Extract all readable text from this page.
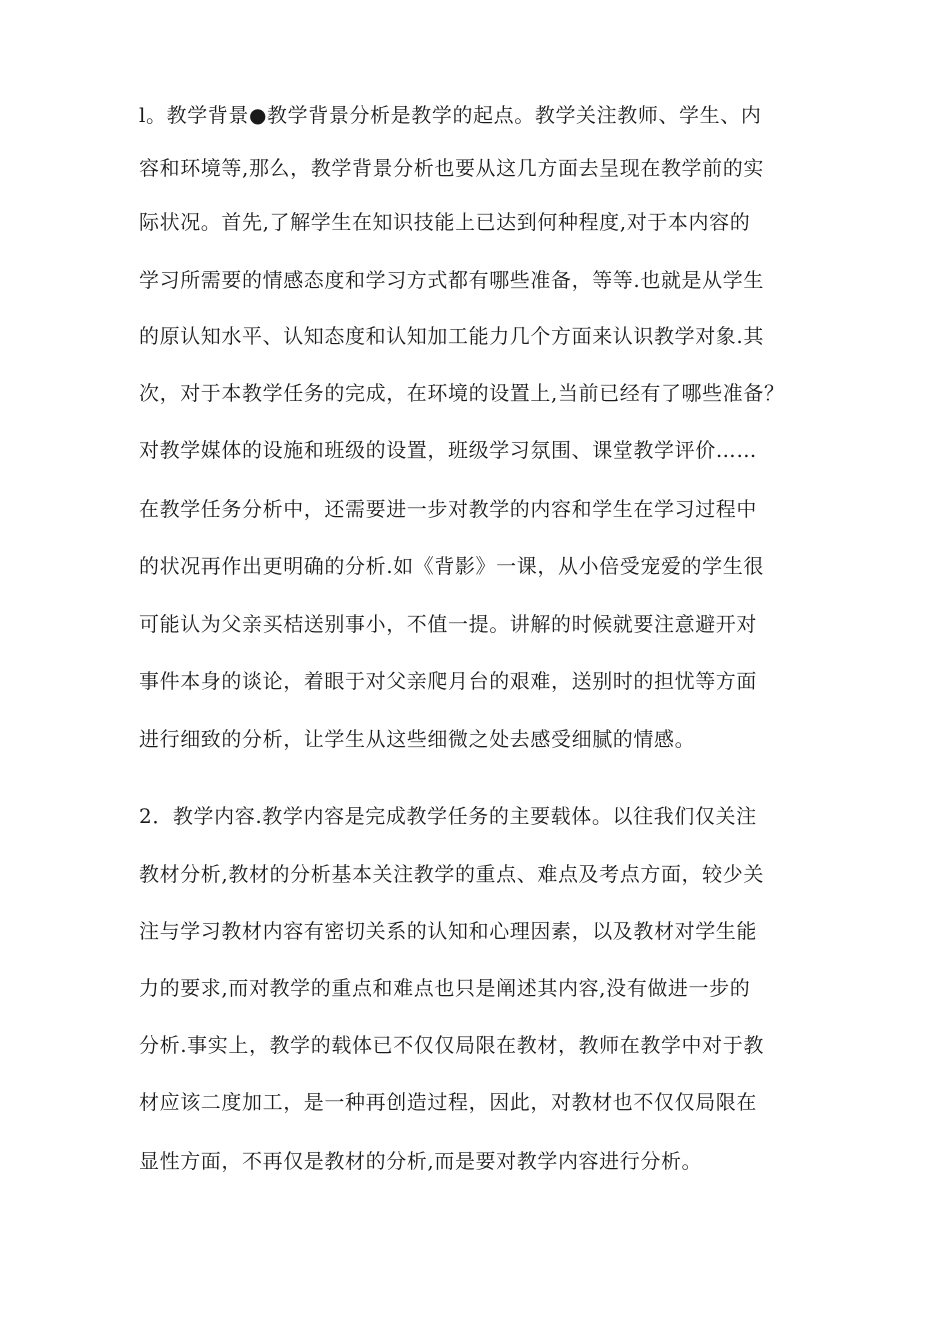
l。教学背景●教学背景分析是教学的起点。教学关注教师、学生、内
容和环境等,那么，教学背景分析也要从这几方面去呈现在教学前的实
际状况。首先,了解学生在知识技能上已达到何种程度,对于本内容的
学习所需要的情感态度和学习方式都有哪些准备，等等.也就是从学生
的原认知水平、认知态度和认知加工能力几个方面来认识教学对象.其
次，对于本教学任务的完成，在环境的设置上,当前已经有了哪些准备？
对教学媒体的设施和班级的设置，班级学习氛围、课堂教学评价……
在教学任务分析中，还需要进一步对教学的内容和学生在学习过程中
的状况再作出更明确的分析.如《背影》一课，从小倍受宠爱的学生很
可能认为父亲买桔送别事小，不值一提。讲解的时候就要注意避开对
事件本身的谈论，着眼于对父亲爬月台的艰难，送别时的担忧等方面
进行细致的分析，让学生从这些细微之处去感受细腻的情感。
2．教学内容.教学内容是完成教学任务的主要载体。以往我们仅关注
教材分析,教材的分析基本关注教学的重点、难点及考点方面，较少关
注与学习教材内容有密切关系的认知和心理因素，以及教材对学生能
力的要求,而对教学的重点和难点也只是阐述其内容,没有做进一步的
分析.事实上，教学的载体已不仅仅局限在教材，教师在教学中对于教
材应该二度加工，是一种再创造过程，因此，对教材也不仅仅局限在
显性方面，不再仅是教材的分析,而是要对教学内容进行分析。
